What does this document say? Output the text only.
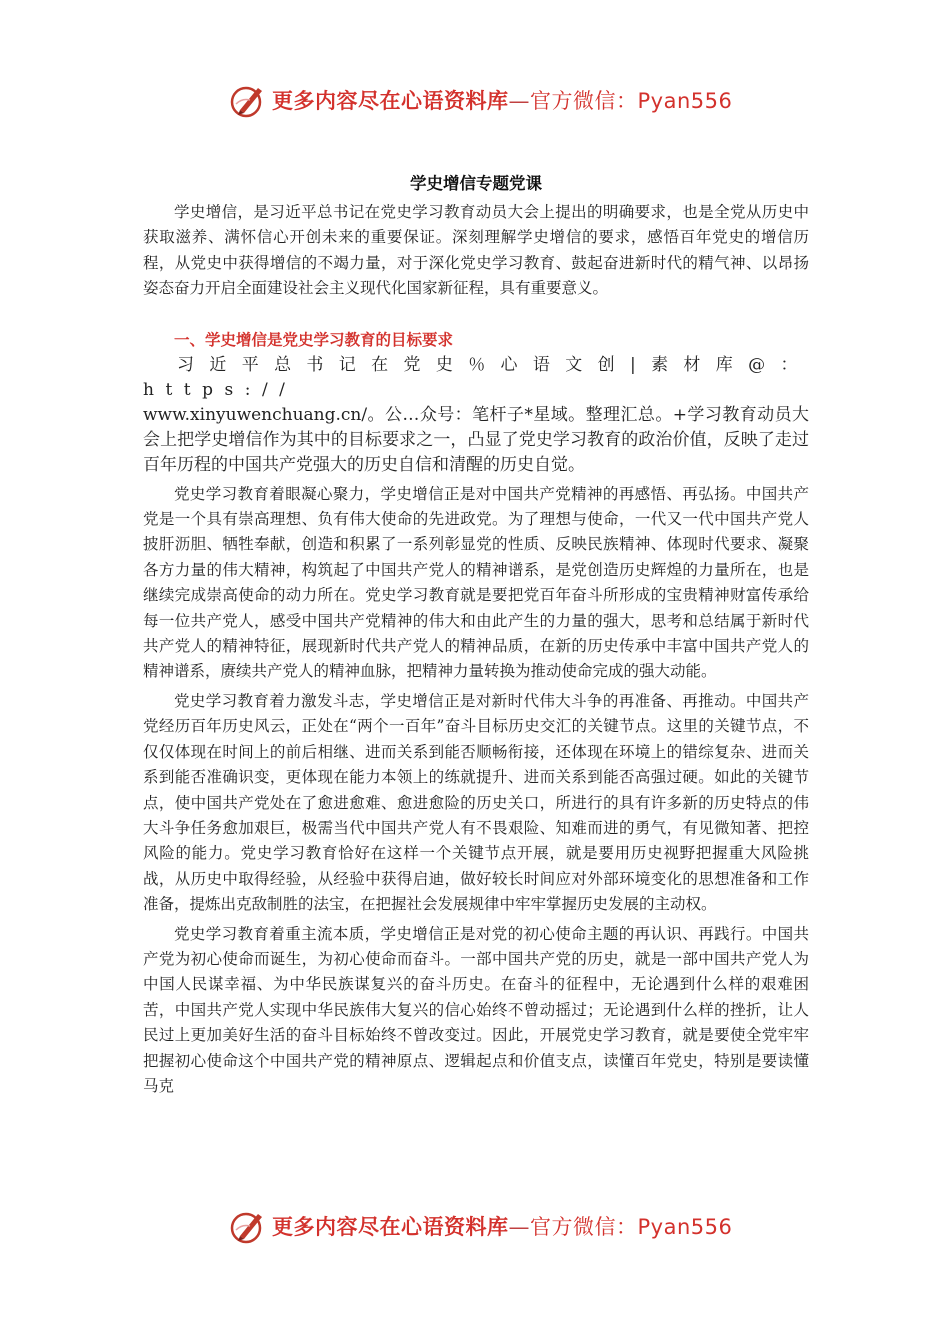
更多内容尽在心语资料库—官方微信：Pyan556
学史增信专题党课

学史增信，是习近平总书记在党史学习教育动员大会上提出的明确要求，也是全党从历史中获取滋养、满怀信心开创未来的重要保证。深刻理解学史增信的要求，感悟百年党史的增信历程，从党史中获得增信的不竭力量，对于深化党史学习教育、鼓起奋进新时代的精气神、以昂扬姿态奋力开启全面建设社会主义现代化国家新征程，具有重要意义。

一、学史增信是党史学习教育的目标要求

习近平总书记在党史％心语文创|素材库@：https://

www.xinyuwenchuang.cn/。公…众号：笔杆子*星域。整理汇总。+学习教育动员大会上把学史增信作为其中的目标要求之一，凸显了党史学习教育的政治价值，反映了走过百年历程的中国共产党强大的历史自信和清醒的历史自觉。

党史学习教育着眼凝心聚力，学史增信正是对中国共产党精神的再感悟、再弘扬。中国共产党是一个具有崇高理想、负有伟大使命的先进政党。为了理想与使命，一代又一代中国共产党人披肝沥胆、牺牲奉献，创造和积累了一系列彰显党的性质、反映民族精神、体现时代要求、凝聚各方力量的伟大精神，构筑起了中国共产党人的精神谱系，是党创造历史辉煌的力量所在，也是继续完成崇高使命的动力所在。党史学习教育就是要把党百年奋斗所形成的宝贵精神财富传承给每一位共产党人，感受中国共产党精神的伟大和由此产生的力量的强大，思考和总结属于新时代共产党人的精神特征，展现新时代共产党人的精神品质，在新的历史传承中丰富中国共产党人的精神谱系，赓续共产党人的精神血脉，把精神力量转换为推动使命完成的强大动能。

党史学习教育着力激发斗志，学史增信正是对新时代伟大斗争的再准备、再推动。中国共产党经历百年历史风云，正处在“两个一百年”奋斗目标历史交汇的关键节点。这里的关键节点，不仅仅体现在时间上的前后相继、进而关系到能否顺畅衔接，还体现在环境上的错综复杂、进而关系到能否准确识变，更体现在能力本领上的练就提升、进而关系到能否高强过硬。如此的关键节点，使中国共产党处在了愈进愈难、愈进愈险的历史关口，所进行的具有许多新的历史特点的伟大斗争任务愈加艰巨，极需当代中国共产党人有不畏艰险、知难而进的勇气，有见微知著、把控风险的能力。党史学习教育恰好在这样一个关键节点开展，就是要用历史视野把握重大风险挑战，从历史中取得经验，从经验中获得启迪，做好较长时间应对外部环境变化的思想准备和工作准备，提炼出克敌制胜的法宝，在把握社会发展规律中牢牢掌握历史发展的主动权。

党史学习教育着重主流本质，学史增信正是对党的初心使命主题的再认识、再践行。中国共产党为初心使命而诞生，为初心使命而奋斗。一部中国共产党的历史，就是一部中国共产党人为中国人民谋幸福、为中华民族谋复兴的奋斗历史。在奋斗的征程中，无论遇到什么样的艰难困苦，中国共产党人实现中华民族伟大复兴的信心始终不曾动摇过；无论遇到什么样的挫折，让人民过上更加美好生活的奋斗目标始终不曾改变过。因此，开展党史学习教育，就是要使全党牢牢把握初心使命这个中国共产党的精神原点、逻辑起点和价值支点，读懂百年党史，特别是要读懂马克

更多内容尽在心语资料库—官方微信：Pyan556
